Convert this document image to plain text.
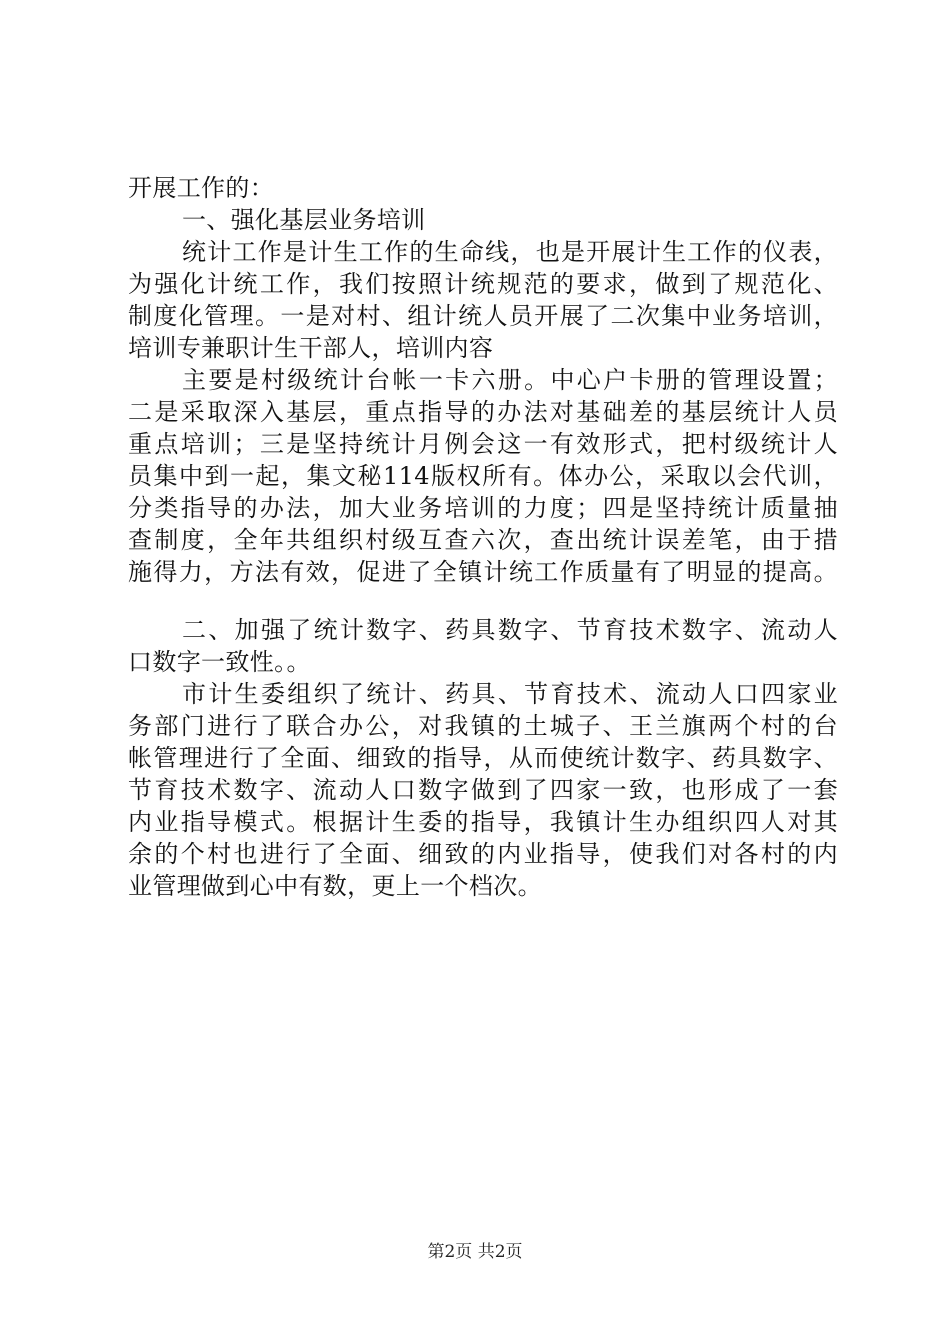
开展工作的：
一、强化基层业务培训
统计工作是计生工作的生命线，也是开展计生工作的仪表，
为强化计统工作，我们按照计统规范的要求，做到了规范化、
制度化管理。一是对村、组计统人员开展了二次集中业务培训，
培训专兼职计生干部人，培训内容
主要是村级统计台帐一卡六册。中心户卡册的管理设置；
二是采取深入基层，重点指导的办法对基础差的基层统计人员
重点培训；三是坚持统计月例会这一有效形式，把村级统计人
员集中到一起，集文秘114版权所有。体办公，采取以会代训，
分类指导的办法，加大业务培训的力度；四是坚持统计质量抽
查制度，全年共组织村级互查六次，查出统计误差笔，由于措
施得力，方法有效，促进了全镇计统工作质量有了明显的提高。
二、加强了统计数字、药具数字、节育技术数字、流动人
口数字一致性。。
市计生委组织了统计、药具、节育技术、流动人口四家业
务部门进行了联合办公，对我镇的土城子、王兰旗两个村的台
帐管理进行了全面、细致的指导，从而使统计数字、药具数字、
节育技术数字、流动人口数字做到了四家一致，也形成了一套
内业指导模式。根据计生委的指导，我镇计生办组织四人对其
余的个村也进行了全面、细致的内业指导，使我们对各村的内
业管理做到心中有数，更上一个档次。
第2页 共2页
